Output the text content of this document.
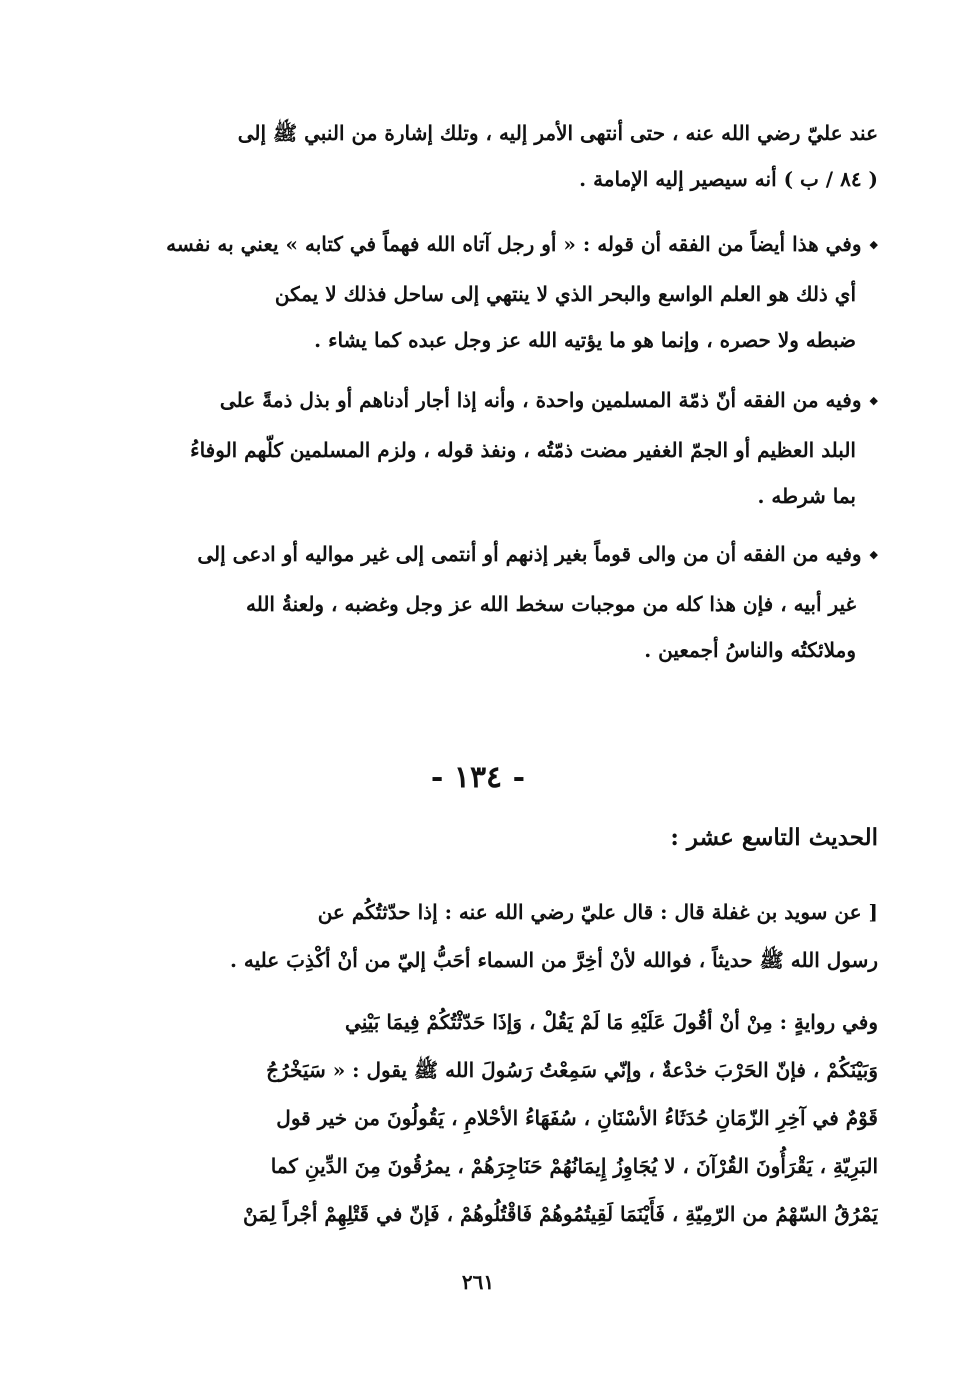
عند عليّ رضي الله عنه ، حتى أنتهى الأمر إليه ، وتلك إشارة من النبي ﷺ إلى
( ٨٤ / ب ) أنه سيصير إليه الإمامة .
◆ وفي هذا أيضاً من الفقه أن قوله : « أو رجل آتاه الله فهماً في كتابه » يعني به نفسه
أي ذلك هو العلم الواسع والبحر الذي لا ينتهي إلى ساحل فذلك لا يمكن
ضبطه ولا حصره ، وإنما هو ما يؤتيه الله عز وجل عبده كما يشاء .
◆ وفيه من الفقه أنّ ذمّة المسلمين واحدة ، وأنه إذا أجار أدناهم أو بذل ذمةً على
البلد العظيم أو الجمّ الغفير مضت ذمّتُه ، ونفذ قوله ، ولزم المسلمين كلّهم الوفاءُ
بما شرطه .
◆ وفيه من الفقه أن من والى قوماً بغير إذنهم أو أنتمى إلى غير مواليه أو ادعى إلى
غير أبيه ، فإن هذا كله من موجبات سخط الله عز وجل وغضبه ، ولعنةُ الله
وملائكتُه والناسُ أجمعين .
- ١٣٤ -
الحديث التاسع عشر :
[ عن سويد بن غفلة قال : قال عليّ رضي الله عنه : إذا حدّثتُكُم عن
رسول الله ﷺ حديثاً ، فوالله لأنْ أخِرَّ من السماء أحَبُّ إليّ من أنْ أكْذِبَ عليه .
وفي روايةٍ : مِنْ أنْ أقُولَ عَلَيْهِ مَا لَمْ يَقُلْ ، وَإذَا حَدّثْتُكُمْ فِيمَا بَيْنِي
وَبَيْنَكُمْ ، فإنّ الحَرْبَ خدْعةٌ ، وإنّي سَمِعْتُ رَسُولَ الله ﷺ يقول : « سَيَخْرُجُ
قَوْمٌ في آخِرِ الزّمَانِ حُدَثَاءُ الأسْنَانِ ، سُفَهَاءُ الأحْلامِ ، يَقُولُونَ من خير قول
البَرِيّةِ ، يَقْرَأُونَ القُرْآنَ ، لا يُجَاوِزُ إِيمَانُهُمْ حَنَاجِرَهُمْ ، يمرُقُونَ مِنَ الدِّينِ كما
يَمْرُقُ السّهْمُ من الرّمِيّةِ ، فَأَيْنَمَا لَقِيتُمُوهُمْ فَاقْتُلُوهُمْ ، فَإنّ في قَتْلِهِمْ أجْراً لِمَنْ
٢٦١
